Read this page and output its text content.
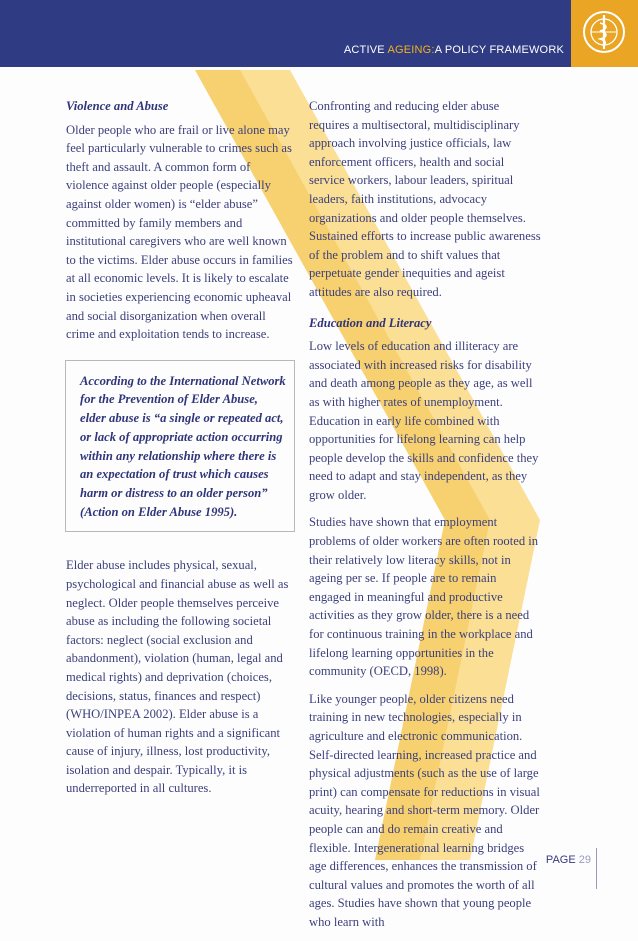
ACTIVE AGEING:A POLICY FRAMEWORK
Violence and Abuse

Older people who are frail or live alone may feel particularly vulnerable to crimes such as theft and assault. A common form of violence against older people (especially against older women) is “elder abuse” committed by family members and institutional caregivers who are well known to the victims. Elder abuse occurs in families at all economic levels. It is likely to escalate in societies experiencing economic upheaval and social disorganization when overall crime and exploitation tends to increase.

According to the International Network for the Prevention of Elder Abuse, elder abuse is “a single or repeated act, or lack of appropriate action occurring within any relationship where there is an expectation of trust which causes harm or distress to an older person” (Action on Elder Abuse 1995).

Elder abuse includes physical, sexual, psychological and financial abuse as well as neglect. Older people themselves perceive abuse as including the following societal factors: neglect (social exclusion and abandonment), violation (human, legal and medical rights) and deprivation (choices, decisions, status, finances and respect) (WHO/INPEA 2002). Elder abuse is a violation of human rights and a significant cause of injury, illness, lost productivity, isolation and despair. Typically, it is underreported in all cultures.

Confronting and reducing elder abuse requires a multisectoral, multidisciplinary approach involving justice officials, law enforcement officers, health and social service workers, labour leaders, spiritual leaders, faith institutions, advocacy organizations and older people themselves. Sustained efforts to increase public awareness of the problem and to shift values that perpetuate gender inequities and ageist attitudes are also required.

Education and Literacy

Low levels of education and illiteracy are associated with increased risks for disability and death among people as they age, as well as with higher rates of unemployment. Education in early life combined with opportunities for lifelong learning can help people develop the skills and confidence they need to adapt and stay independent, as they grow older.

Studies have shown that employment problems of older workers are often rooted in their relatively low literacy skills, not in ageing per se. If people are to remain engaged in meaningful and productive activities as they grow older, there is a need for continuous training in the workplace and lifelong learning opportunities in the community (OECD, 1998).

Like younger people, older citizens need training in new technologies, especially in agriculture and electronic communication. Self-directed learning, increased practice and physical adjustments (such as the use of large print) can compensate for reductions in visual acuity, hearing and short-term memory. Older people can and do remain creative and flexible. Intergenerational learning bridges age differences, enhances the transmission of cultural values and promotes the worth of all ages. Studies have shown that young people who learn with

PAGE 29
